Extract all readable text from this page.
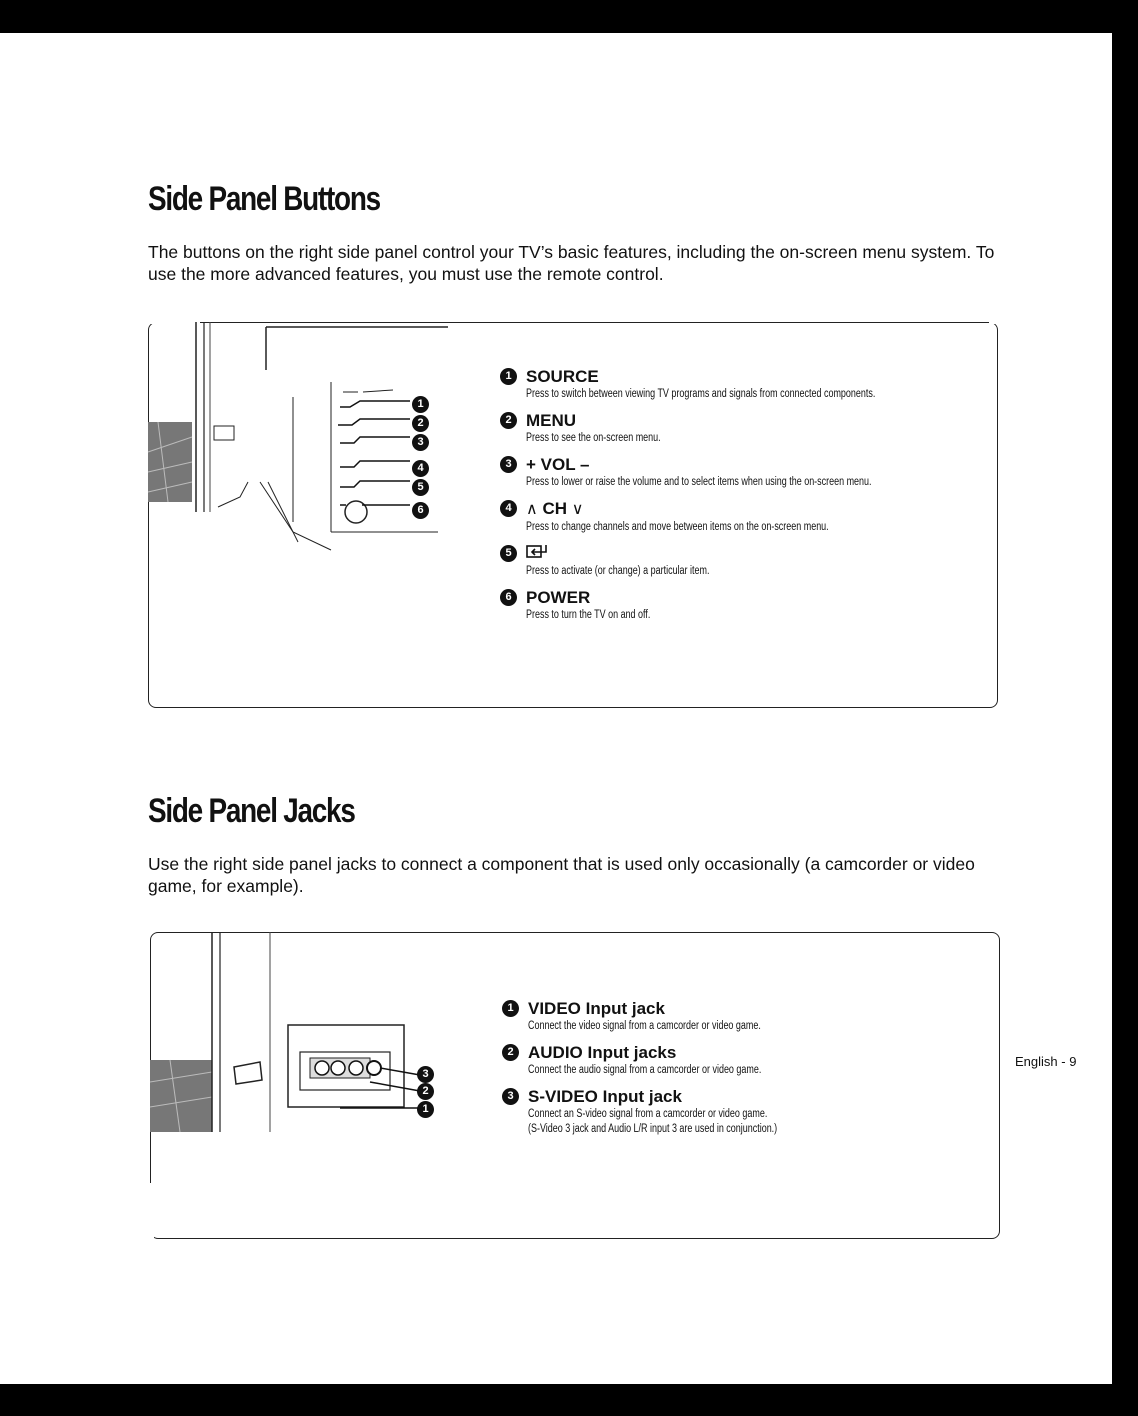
Side Panel Buttons

The buttons on the right side panel control your TV’s basic features, including the on-screen menu system. To use the more advanced features, you must use the remote control.

1
2
3
4
5
6
1 SOURCE
Press to switch between viewing TV programs and signals from connected components.
2 MENU
Press to see the on-screen menu.
3 + VOL –
Press to lower or raise the volume and to select items when using the on-screen menu.
4 ∧ CH ∨
Press to change channels and move between items on the on-screen menu.
5
Press to activate (or change) a particular item.
6 POWER
Press to turn the TV on and off.
Side Panel Jacks

Use the right side panel jacks to connect a component that is used only occasionally (a camcorder or video game, for example).

3
2
1
1 VIDEO Input jack
Connect the video signal from a camcorder or video game.
2 AUDIO Input jacks
Connect the audio signal from a camcorder or video game.
3 S-VIDEO Input jack
Connect an S-video signal from a camcorder or video game.
(S-Video 3 jack and Audio L/R input 3 are used in conjunction.)
English - 9
